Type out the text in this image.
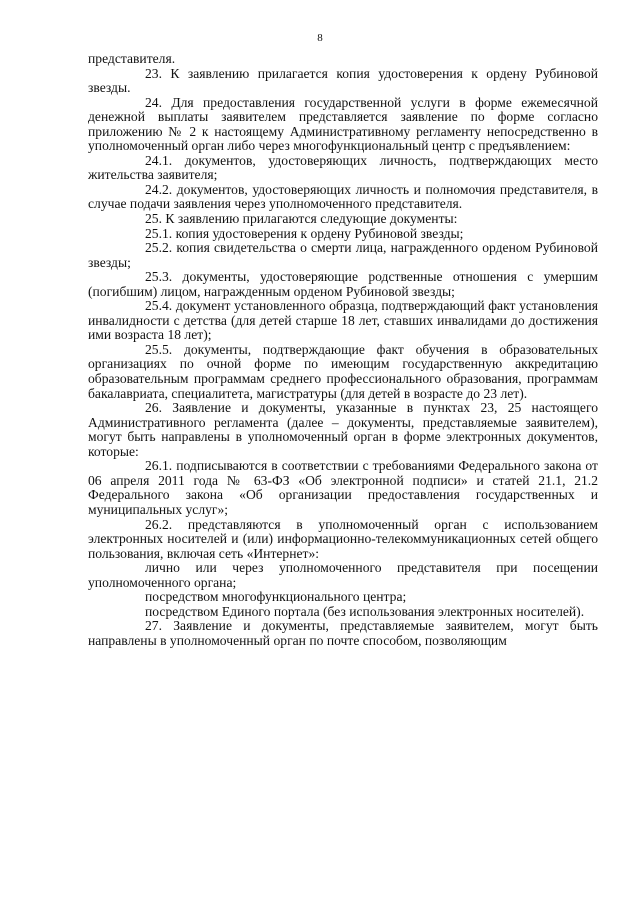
8

представителя.

23. К заявлению прилагается копия удостоверения к ордену Рубиновой звезды.

24. Для предоставления государственной услуги в форме ежемесячной денежной выплаты заявителем представляется заявление по форме согласно приложению № 2 к настоящему Административному регламенту непосредственно в уполномоченный орган либо через многофункциональный центр с предъявлением:

24.1. документов, удостоверяющих личность, подтверждающих место жительства заявителя;

24.2. документов, удостоверяющих личность и полномочия представителя, в случае подачи заявления через уполномоченного представителя.

25. К заявлению прилагаются следующие документы:

25.1. копия удостоверения к ордену Рубиновой звезды;

25.2. копия свидетельства о смерти лица, награжденного орденом Рубиновой звезды;

25.3. документы, удостоверяющие родственные отношения с умершим (погибшим) лицом, награжденным орденом Рубиновой звезды;

25.4. документ установленного образца, подтверждающий факт установления инвалидности с детства (для детей старше 18 лет, ставших инвалидами до достижения ими возраста 18 лет);

25.5. документы, подтверждающие факт обучения в образовательных организациях по очной форме по имеющим государственную аккредитацию образовательным программам среднего профессионального образования, программам бакалавриата, специалитета, магистратуры (для детей в возрасте до 23 лет).

26. Заявление и документы, указанные в пунктах 23, 25 настоящего Административного регламента (далее – документы, представляемые заявителем), могут быть направлены в уполномоченный орган в форме электронных документов, которые:

26.1. подписываются в соответствии с требованиями Федерального закона от 06 апреля 2011 года № 63-ФЗ «Об электронной подписи» и статей 21.1, 21.2 Федерального закона «Об организации предоставления государственных и муниципальных услуг»;

26.2. представляются в уполномоченный орган с использованием электронных носителей и (или) информационно-телекоммуникационных сетей общего пользования, включая сеть «Интернет»:

лично или через уполномоченного представителя при посещении уполномоченного органа;

посредством многофункционального центра;

посредством Единого портала (без использования электронных носителей).

27. Заявление и документы, представляемые заявителем, могут быть направлены в уполномоченный орган по почте способом, позволяющим
